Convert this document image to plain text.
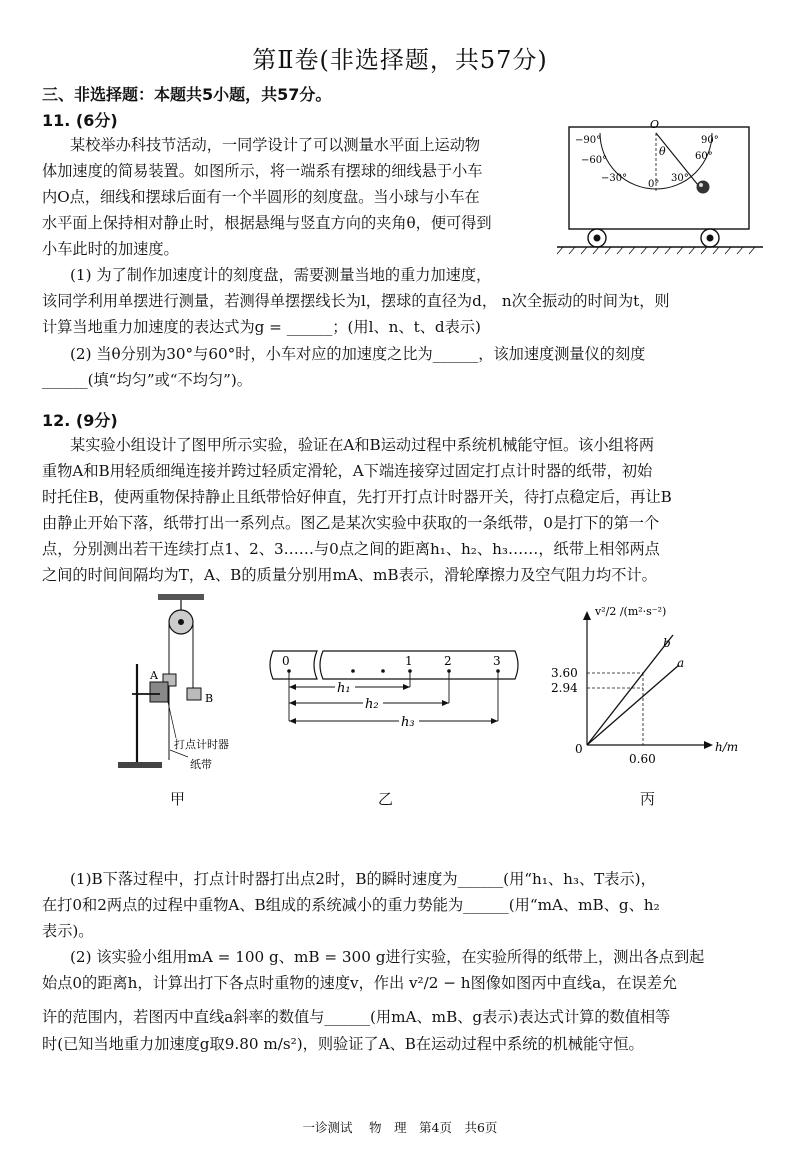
第Ⅱ卷(非选择题，共57分)
三、非选择题：本题共5小题，共57分。
11. (6分)
某校举办科技节活动，一同学设计了可以测量水平面上运动物
体加速度的简易装置。如图所示，将一端系有摆球的细线悬于小车
内O点，细线和摆球后面有一个半圆形的刻度盘。当小球与小车在
水平面上保持相对静止时，根据悬绳与竖直方向的夹角θ，便可得到
小车此时的加速度。
(1) 为了制作加速度计的刻度盘，需要测量当地的重力加速度，
该同学利用单摆进行测量，若测得单摆摆线长为l，摆球的直径为d， n次全振动的时间为t，则
计算当地重力加速度的表达式为g = ______；(用l、n、t、d表示)
(2) 当θ分别为30°与60°时，小车对应的加速度之比为______，该加速度测量仪的刻度
______(填“均匀”或“不均匀”)。
O
θ
−90°
−60°
−30°
0°
30°
60°
90°
12. (9分)
某实验小组设计了图甲所示实验，验证在A和B运动过程中系统机械能守恒。该小组将两
重物A和B用轻质细绳连接并跨过轻质定滑轮，A下端连接穿过固定打点计时器的纸带，初始
时托住B，使两重物保持静止且纸带恰好伸直，先打开打点计时器开关，待打点稳定后，再让B
由静止开始下落，纸带打出一系列点。图乙是某次实验中获取的一条纸带，0是打下的第一个
点，分别测出若干连续打点1、2、3……与0点之间的距离h₁、h₂、h₃……，纸带上相邻两点
之间的时间间隔均为T，A、B的质量分别用mA、mB表示，滑轮摩擦力及空气阻力均不计。
A
B
打点计时器
纸带
0	1	2	3
h₁
h₂
h₃
v²/2 /(m²·s⁻²)
h/m
3.60
2.94
0.60
0
b
a
甲	乙	丙
(1)B下落过程中，打点计时器打出点2时，B的瞬时速度为______(用“h₁、h₃、T表示)，
在打0和2两点的过程中重物A、B组成的系统减小的重力势能为______(用“mA、mB、g、h₂
表示)。
(2) 该实验小组用mA = 100 g、mB = 300 g进行实验，在实验所得的纸带上，测出各点到起
始点0的距离h，计算出打下各点时重物的速度v，作出 v²/2 − h图像如图丙中直线a，在误差允
许的范围内，若图丙中直线a斜率的数值与______(用mA、mB、g表示)表达式计算的数值相等
时(已知当地重力加速度g取9.80 m/s²)，则验证了A、B在运动过程中系统的机械能守恒。
一诊测试　 物　理　第4页　共6页
